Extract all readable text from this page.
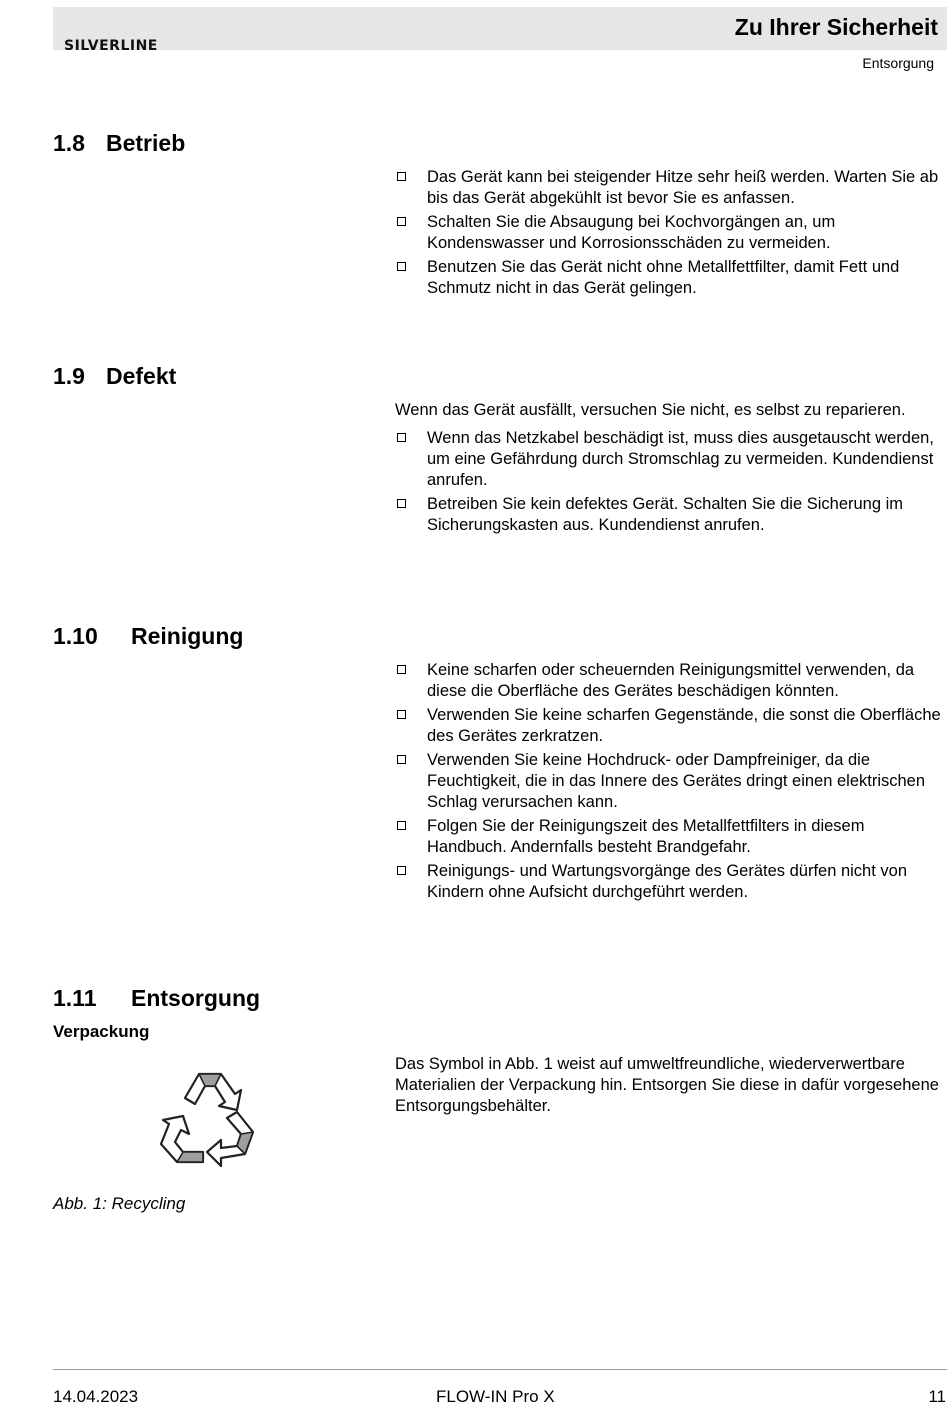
SILVERLINE
Zu Ihrer Sicherheit
Entsorgung
1.8 Betrieb
Das Gerät kann bei steigender Hitze sehr heiß werden. Warten Sie ab bis das Gerät abgekühlt ist bevor Sie es anfassen.
Schalten Sie die Absaugung bei Kochvorgängen an, um Kondenswasser und Korrosionsschäden zu vermeiden.
Benutzen Sie das Gerät nicht ohne Metallfettfilter, damit Fett und Schmutz nicht in das Gerät gelingen.
1.9 Defekt

Wenn das Gerät ausfällt, versuchen Sie nicht, es selbst zu reparieren.

Wenn das Netzkabel beschädigt ist, muss dies ausgetauscht werden, um eine Gefährdung durch Stromschlag zu vermeiden. Kundendienst anrufen.
Betreiben Sie kein defektes Gerät. Schalten Sie die Sicherung im Sicherungskasten aus. Kundendienst anrufen.
1.10 Reinigung
Keine scharfen oder scheuernden Reinigungsmittel verwenden, da diese die Oberfläche des Gerätes beschädigen könnten.
Verwenden Sie keine scharfen Gegenstände, die sonst die Oberfläche des Gerätes zerkratzen.
Verwenden Sie keine Hochdruck- oder Dampfreiniger, da die Feuchtigkeit, die in das Innere des Gerätes dringt einen elektrischen Schlag verursachen kann.
Folgen Sie der Reinigungszeit des Metallfettfilters in diesem Handbuch. Andernfalls besteht Brandgefahr.
Reinigungs- und Wartungsvorgänge des Gerätes dürfen nicht von Kindern ohne Aufsicht durchgeführt werden.
1.11 Entsorgung
Verpackung

Das Symbol in Abb. 1 weist auf umweltfreundliche, wiederverwertbare Materialien der Verpackung hin. Entsorgen Sie diese in dafür vorgesehene Entsorgungsbehälter.

Abb. 1: Recycling
14.04.2023	FLOW-IN Pro X	11
